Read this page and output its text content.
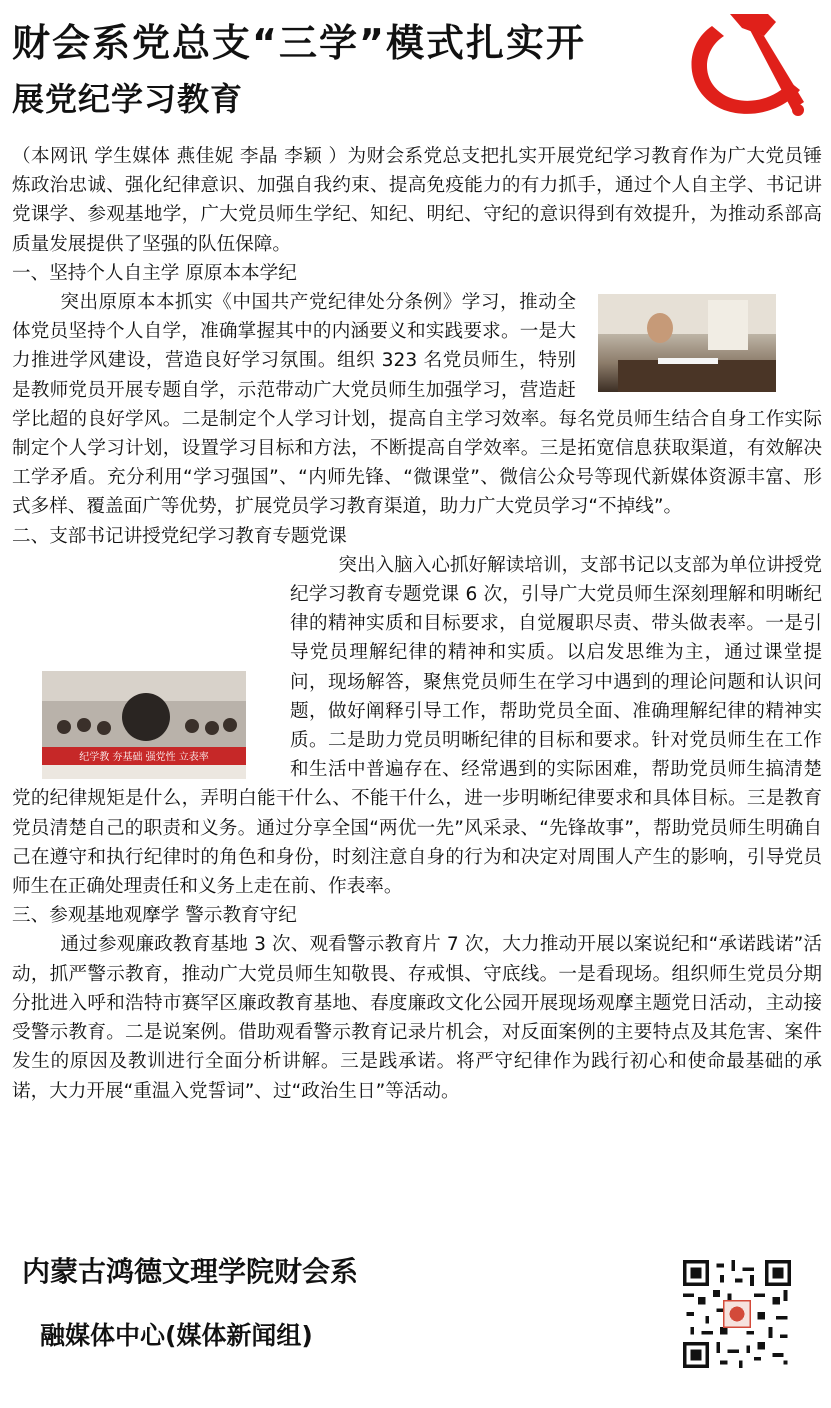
财会系党总支“三学”模式扎实开
展党纪学习教育

（本网讯 学生媒体 燕佳妮 李晶 李颖 ）为财会系党总支把扎实开展党纪学习教育作为广大党员锤炼政治忠诚、强化纪律意识、加强自我约束、提高免疫能力的有力抓手，通过个人自主学、书记讲党课学、参观基地学，广大党员师生学纪、知纪、明纪、守纪的意识得到有效提升，为推动系部高质量发展提供了坚强的队伍保障。

一、坚持个人自主学 原原本本学纪

突出原原本本抓实《中国共产党纪律处分条例》学习，推动全体党员坚持个人自学，准确掌握其中的内涵要义和实践要求。一是大力推进学风建设，营造良好学习氛围。组织 323 名党员师生，特别是教师党员开展专题自学，示范带动广大党员师生加强学习，营造赶学比超的良好学风。二是制定个人学习计划，提高自主学习效率。每名党员师生结合自身工作实际制定个人学习计划，设置学习目标和方法，不断提高自学效率。三是拓宽信息获取渠道，有效解决工学矛盾。充分利用“学习强国”、“内师先锋、“微课堂”、微信公众号等现代新媒体资源丰富、形式多样、覆盖面广等优势，扩展党员学习教育渠道，助力广大党员学习“不掉线”。

二、支部书记讲授党纪学习教育专题党课

纪学教 夯基础 强党性 立表率

突出入脑入心抓好解读培训，支部书记以支部为单位讲授党纪学习教育专题党课 6 次，引导广大党员师生深刻理解和明晰纪律的精神实质和目标要求，自觉履职尽责、带头做表率。一是引导党员理解纪律的精神和实质。以启发思维为主，通过课堂提问，现场解答，聚焦党员师生在学习中遇到的理论问题和认识问题，做好阐释引导工作，帮助党员全面、准确理解纪律的精神实质。二是助力党员明晰纪律的目标和要求。针对党员师生在工作和生活中普遍存在、经常遇到的实际困难，帮助党员师生搞清楚党的纪律规矩是什么，弄明白能干什么、不能干什么，进一步明晰纪律要求和具体目标。三是教育党员清楚自己的职责和义务。通过分享全国“两优一先”风采录、“先锋故事”，帮助党员师生明确自己在遵守和执行纪律时的角色和身份，时刻注意自身的行为和决定对周围人产生的影响，引导党员师生在正确处理责任和义务上走在前、作表率。

三、参观基地观摩学 警示教育守纪

通过参观廉政教育基地 3 次、观看警示教育片 7 次，大力推动开展以案说纪和“承诺践诺”活动，抓严警示教育，推动广大党员师生知敬畏、存戒惧、守底线。一是看现场。组织师生党员分期分批进入呼和浩特市赛罕区廉政教育基地、春度廉政文化公园开展现场观摩主题党日活动，主动接受警示教育。二是说案例。借助观看警示教育记录片机会，对反面案例的主要特点及其危害、案件发生的原因及教训进行全面分析讲解。三是践承诺。将严守纪律作为践行初心和使命最基础的承诺，大力开展“重温入党誓词”、过“政治生日”等活动。

内蒙古鸿德文理学院财会系
融媒体中心(媒体新闻组)
